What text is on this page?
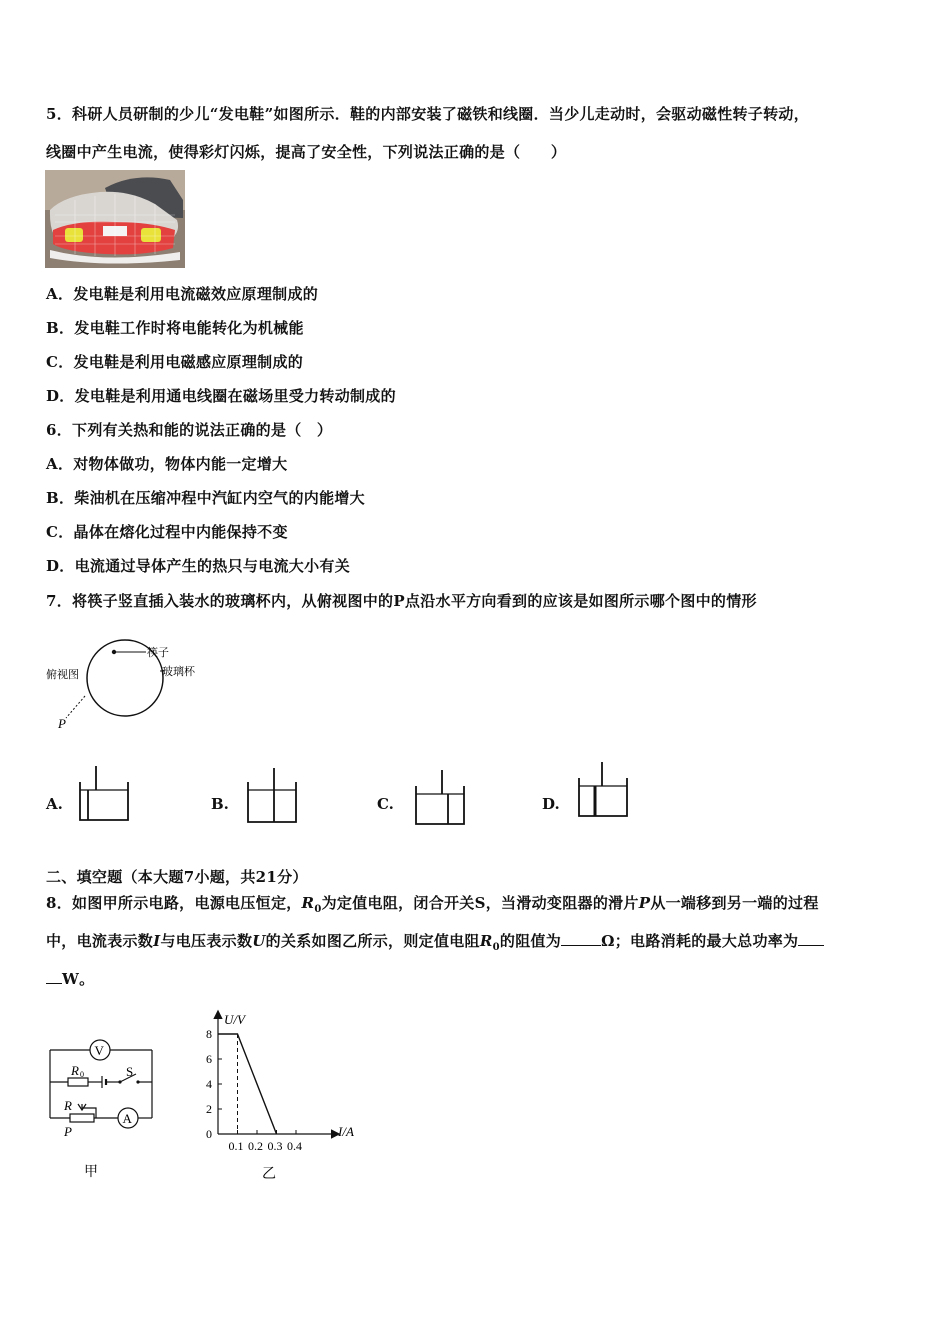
5．科研人员研制的少儿“发电鞋”如图所示．鞋的内部安装了磁铁和线圈．当少儿走动时，会驱动磁性转子转动，
线圈中产生电流，使得彩灯闪烁，提高了安全性，下列说法正确的是（　　）
A．发电鞋是利用电流磁效应原理制成的
B．发电鞋工作时将电能转化为机械能
C．发电鞋是利用电磁感应原理制成的
D．发电鞋是利用通电线圈在磁场里受力转动制成的
6．下列有关热和能的说法正确的是（　）
A．对物体做功，物体内能一定增大
B．柴油机在压缩冲程中汽缸内空气的内能增大
C．晶体在熔化过程中内能保持不变
D．电流通过导体产生的热只与电流大小有关
7．将筷子竖直插入装水的玻璃杯内，从俯视图中的P点沿水平方向看到的应该是如图所示哪个图中的情形
筷子
玻璃杯
俯视图
P
A.	B.	C.	D.
二、填空题（本大题7小题，共21分）
8．如图甲所示电路，电源电压恒定，$R_0$为定值电阻，闭合开关S，当滑动变阻器的滑片P从一端移到另一端的过程
中，电流表示数I与电压表示数U的关系如图乙所示，则定值电阻$R_0$的阻值为	Ω；电路消耗的最大总功率为
W。
V
A
R 0	S
R
P
甲
U/V
I/A
8
6
4
2
0
0.1 0.2 0.3 0.4
乙
